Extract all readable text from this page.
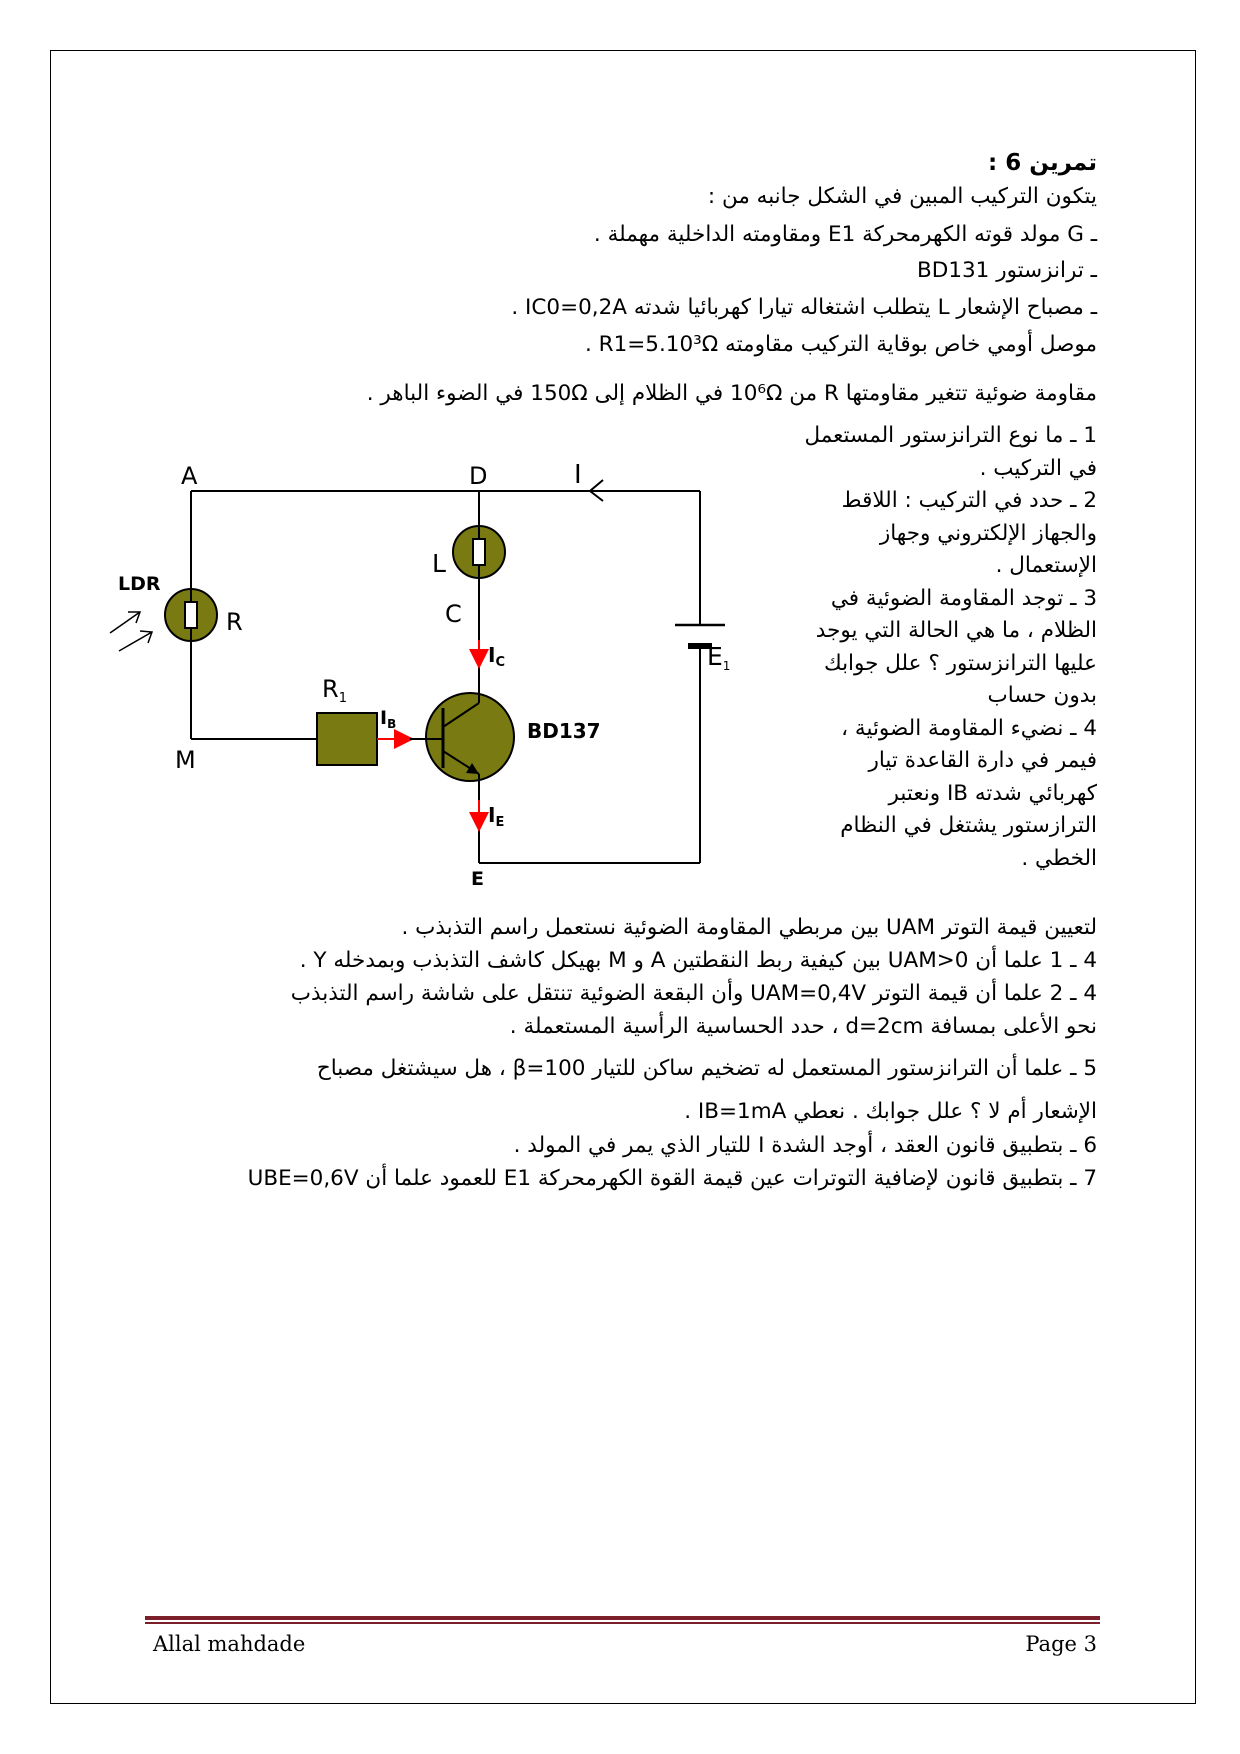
تمرين 6 :
يتكون التركيب المبين في الشكل جانبه من :
ـ G مولد قوته الكهرمحركة E1 ومقاومته الداخلية مهملة .
ـ ترانزستور BD131
ـ مصباح الإشعار L يتطلب اشتغاله تيارا كهربائيا شدته IC0=0,2A .
موصل أومي خاص بوقاية التركيب مقاومته R1=5.10³Ω .
مقاومة ضوئية تتغير مقاومتها R من 10⁶Ω في الظلام إلى 150Ω في الضوء الباهر .
1 ـ ما نوع الترانزستور المستعمل
في التركيب .
2 ـ حدد في التركيب : اللاقط
والجهاز الإلكتروني وجهاز
الإستعمال .
3 ـ توجد المقاومة الضوئية في
الظلام ، ما هي الحالة التي يوجد
عليها الترانزستور ؟ علل جوابك
بدون حساب
4 ـ نضيء المقاومة الضوئية ،
فيمر في دارة القاعدة تيار
كهربائي شدته IB ونعتبر
الترازستور يشتغل في النظام
الخطي .
$E_1$
I
A	D
LDR
R
L
C
$I_C$
$R_1$
$I_B$	BD137
M
$I_E$
E
لتعيين قيمة التوتر UAM بين مربطي المقاومة الضوئية نستعمل راسم التذبذب .
4 ـ 1 علما أن UAM>0 بين كيفية ربط النقطتين A و M بهيكل كاشف التذبذب وبمدخله Y .
4 ـ 2 علما أن قيمة التوتر UAM=0,4V وأن البقعة الضوئية تنتقل على شاشة راسم التذبذب
نحو الأعلى بمسافة d=2cm ، حدد الحساسية الرأسية المستعملة .
5 ـ علما أن الترانزستور المستعمل له تضخيم ساكن للتيار β=100 ، هل سيشتغل مصباح
الإشعار أم لا ؟ علل جوابك . نعطي IB=1mA .
6 ـ بتطبيق قانون العقد ، أوجد الشدة I للتيار الذي يمر في المولد .
7 ـ بتطبيق قانون لإضافية التوترات عين قيمة القوة الكهرمحركة E1 للعمود علما أن UBE=0,6V
Allal mahdade	Page 3
